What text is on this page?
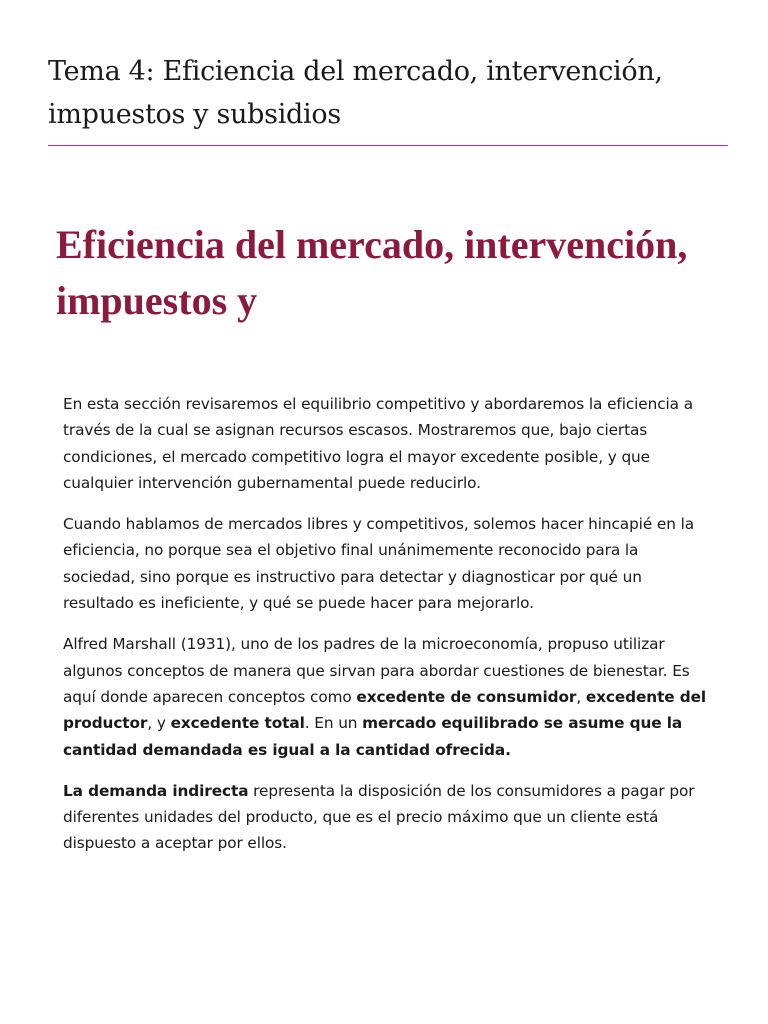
Tema 4: Eficiencia del mercado, intervención, impuestos y subsidios
Eficiencia del mercado, intervención, impuestos y

En esta sección revisaremos el equilibrio competitivo y abordaremos la eficiencia a través de la cual se asignan recursos escasos. Mostraremos que, bajo ciertas condiciones, el mercado competitivo logra el mayor excedente posible, y que cualquier intervención gubernamental puede reducirlo.

Cuando hablamos de mercados libres y competitivos, solemos hacer hincapié en la eficiencia, no porque sea el objetivo final unánimemente reconocido para la sociedad, sino porque es instructivo para detectar y diagnosticar por qué un resultado es ineficiente, y qué se puede hacer para mejorarlo.

Alfred Marshall (1931), uno de los padres de la microeconomía, propuso utilizar algunos conceptos de manera que sirvan para abordar cuestiones de bienestar. Es aquí donde aparecen conceptos como excedente de consumidor, excedente del productor, y excedente total. En un mercado equilibrado se asume que la cantidad demandada es igual a la cantidad ofrecida.

La demanda indirecta representa la disposición de los consumidores a pagar por diferentes unidades del producto, que es el precio máximo que un cliente está dispuesto a aceptar por ellos.
